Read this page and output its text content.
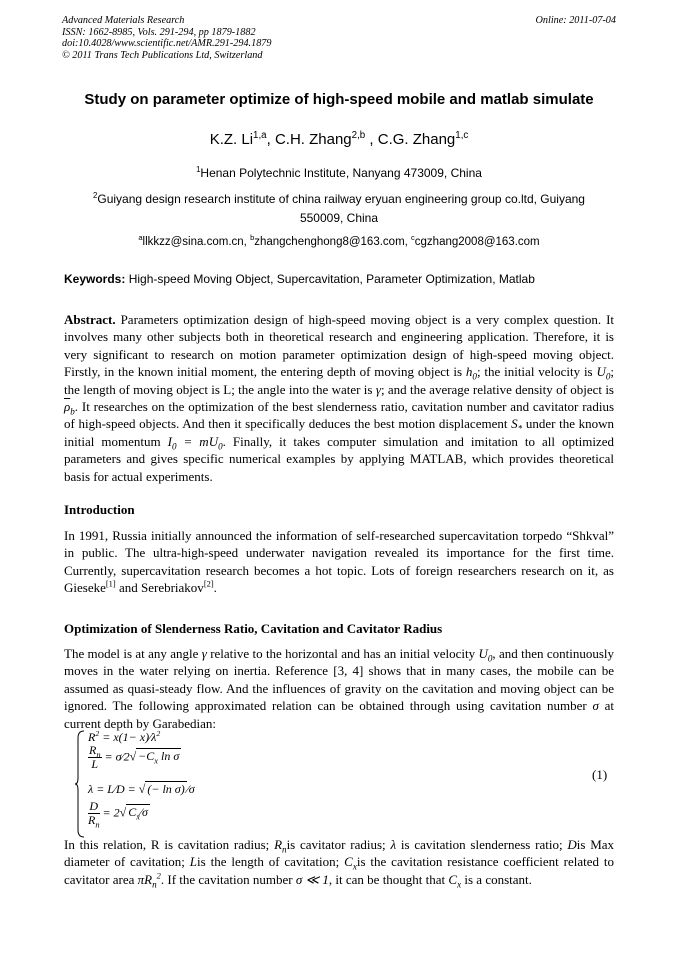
Advanced Materials Research
ISSN: 1662-8985, Vols. 291-294, pp 1879-1882
doi:10.4028/www.scientific.net/AMR.291-294.1879
© 2011 Trans Tech Publications Ltd, Switzerland
Online: 2011-07-04
Study on parameter optimize of high-speed mobile and matlab simulate
K.Z. Li$^{1,a}$, C.H. Zhang$^{2,b}$ , C.G. Zhang$^{1,c}$
$^1$Henan Polytechnic Institute, Nanyang 473009, China
$^2$Guiyang design research institute of china railway eryuan engineering group co.ltd, Guiyang
550009, China
$^a$llkkzz@sina.com.cn, $^b$zhangchenghong8@163.com, $^c$cgzhang2008@163.com
Keywords: High-speed Moving Object, Supercavitation, Parameter Optimization, Matlab
Abstract. Parameters optimization design of high-speed moving object is a very complex question. It involves many other subjects both in theoretical research and engineering application. Therefore, it is very significant to research on motion parameter optimization design of high-speed moving object. Firstly, in the known initial moment, the entering depth of moving object is $h_0$; the initial velocity is $U_0$; the length of moving object is L; the angle into the water is γ; and the average relative density of object is $\overline{\rho}_b$. It researches on the optimization of the best slenderness ratio, cavitation number and cavitator radius of high-speed objects. And then it specifically deduces the best motion displacement $S_*$ under the known initial momentum $I_0 = mU_0$. Finally, it takes computer simulation and imitation to all optimized parameters and gives specific numerical examples by applying MATLAB, which provides theoretical basis for actual experiments.
Introduction
In 1991, Russia initially announced the information of self-researched supercavitation torpedo “Shkval” in public. The ultra-high-speed underwater navigation revealed its importance for the first time. Currently, supercavitation research becomes a hot topic. Lots of foreign researchers research on it, as Gieseke[1] and Serebriakov[2].
Optimization of Slenderness Ratio, Cavitation and Cavitator Radius
The model is at any angle γ relative to the horizontal and has an initial velocity $U_0$, and then continuously moves in the water relying on inertia. Reference [3, 4] shows that in many cases, the mobile can be assumed as quasi-steady flow. And the influences of gravity on the cavitation and moving object can be ignored. The following approximated relation can be obtained through using cavitation number σ at current depth by Garabedian:
$R^2 = x(1-$ $x)⁄\lambda^2$
$\frac{R_n}{L}$ = σ⁄2√ $-C_x$ ln σ
λ = L⁄D = √ (− ln σ) ⁄σ
$\frac{D}{R_n} = 2√$ $C_x⁄\sigma$
(1)
In this relation, R is cavitation radius; $R_nis$ cavitator radius; λ is cavitation slenderness ratio; Dis Max diameter of cavitation; Lis the length of cavitation; $C_xis$ the cavitation resistance coefficient related to cavitator area $\pi R_n^2$. If the cavitation number σ ≪ 1, it can be thought that $C_x$ is a constant.
